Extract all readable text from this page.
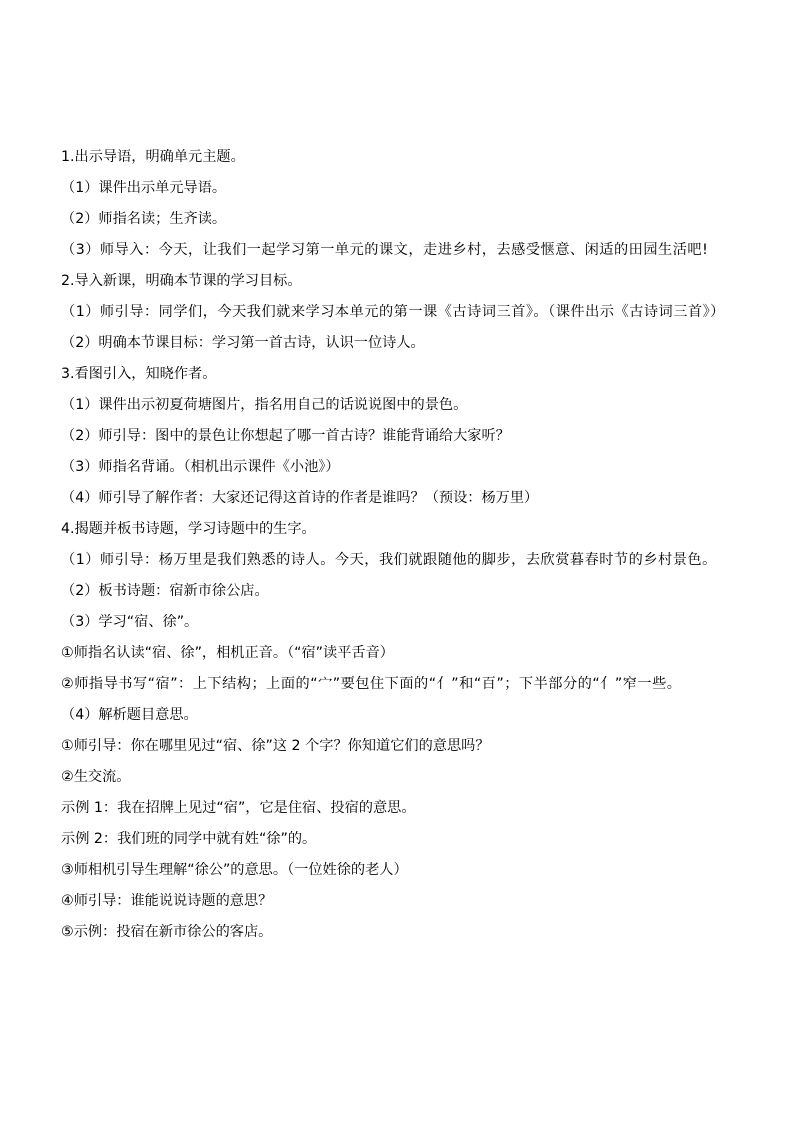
1.出示导语，明确单元主题。
（1）课件出示单元导语。
（2）师指名读；生齐读。
（3）师导入：今天，让我们一起学习第一单元的课文，走进乡村，去感受惬意、闲适的田园生活吧!
2.导入新课，明确本节课的学习目标。
（1）师引导：同学们，今天我们就来学习本单元的第一课《古诗词三首》。（课件出示《古诗词三首》）
（2）明确本节课目标：学习第一首古诗，认识一位诗人。
3.看图引入，知晓作者。
（1）课件出示初夏荷塘图片，指名用自己的话说说图中的景色。
（2）师引导：图中的景色让你想起了哪一首古诗？谁能背诵给大家听？
（3）师指名背诵。（相机出示课件《小池》）
（4）师引导了解作者：大家还记得这首诗的作者是谁吗？（预设：杨万里）
4.揭题并板书诗题，学习诗题中的生字。
（1）师引导：杨万里是我们熟悉的诗人。今天，我们就跟随他的脚步，去欣赏暮春时节的乡村景色。
（2）板书诗题：宿新市徐公店。
（3）学习“宿、徐”。
①师指名认读“宿、徐”，相机正音。（“宿”读平舌音）
②师指导书写“宿”：上下结构；上面的“宀”要包住下面的“亻”和“百”；下半部分的“亻”窄一些。
（4）解析题目意思。
①师引导：你在哪里见过“宿、徐”这 2 个字？你知道它们的意思吗？
②生交流。
示例 1：我在招牌上见过“宿”，它是住宿、投宿的意思。
示例 2：我们班的同学中就有姓“徐”的。
③师相机引导生理解“徐公”的意思。（一位姓徐的老人）
④师引导：谁能说说诗题的意思？
⑤示例：投宿在新市徐公的客店。
